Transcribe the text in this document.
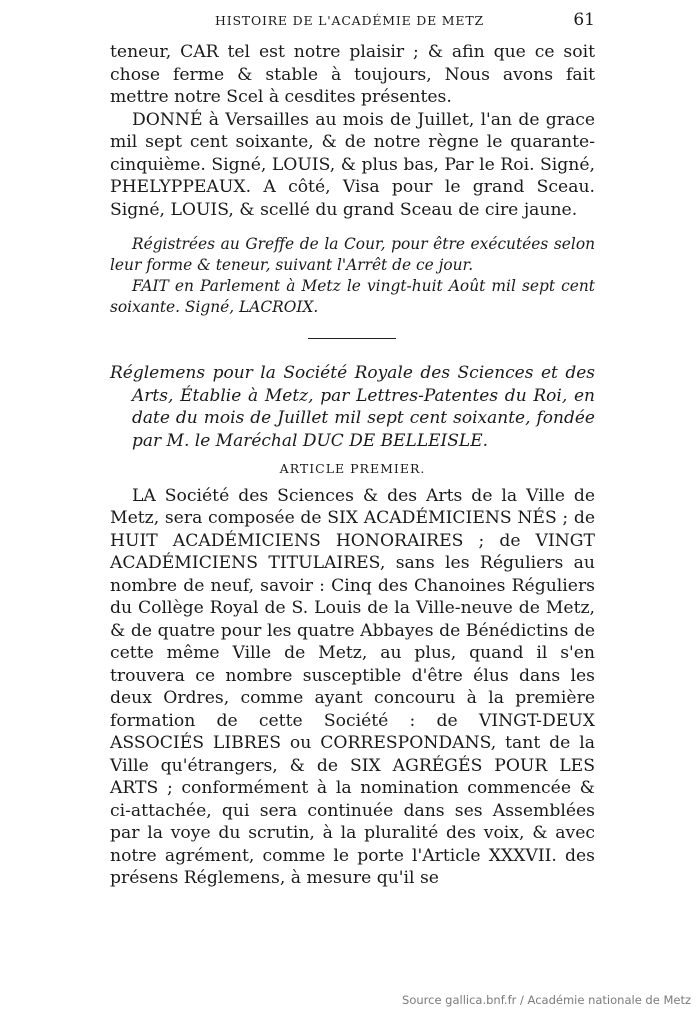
HISTOIRE DE L'ACADÉMIE DE METZ	61

teneur, CAR tel est notre plaisir ; & afin que ce soit chose ferme & stable à toujours, Nous avons fait mettre notre Scel à cesdites présentes.

DONNÉ à Versailles au mois de Juillet, l'an de grace mil sept cent soixante, & de notre règne le quarante-cinquième. Signé, LOUIS, & plus bas, Par le Roi. Signé, PHELYPPEAUX. A côté, Visa pour le grand Sceau. Signé, LOUIS, & scellé du grand Sceau de cire jaune.

Régistrées au Greffe de la Cour, pour être exécutées selon leur forme & teneur, suivant l'Arrêt de ce jour.

FAIT en Parlement à Metz le vingt-huit Août mil sept cent soixante. Signé, LACROIX.

Réglemens pour la Société Royale des Sciences et des Arts, Établie à Metz, par Lettres-Patentes du Roi, en date du mois de Juillet mil sept cent soixante, fondée par M. le Maréchal DUC DE BELLEISLE.

ARTICLE PREMIER.

LA Société des Sciences & des Arts de la Ville de Metz, sera composée de SIX ACADÉMICIENS NÉS ; de HUIT ACADÉMICIENS HONORAIRES ; de VINGT ACADÉMICIENS TITULAIRES, sans les Réguliers au nombre de neuf, savoir : Cinq des Chanoines Réguliers du Collège Royal de S. Louis de la Ville-neuve de Metz, & de quatre pour les quatre Abbayes de Bénédictins de cette même Ville de Metz, au plus, quand il s'en trouvera ce nombre susceptible d'être élus dans les deux Ordres, comme ayant concouru à la première formation de cette Société : de VINGT-DEUX ASSOCIÉS LIBRES ou CORRESPONDANS, tant de la Ville qu'étrangers, & de SIX AGRÉGÉS POUR LES ARTS ; conformément à la nomination commencée & ci-attachée, qui sera continuée dans ses Assemblées par la voye du scrutin, à la pluralité des voix, & avec notre agrément, comme le porte l'Article XXXVII. des présens Réglemens, à mesure qu'il se

Source gallica.bnf.fr / Académie nationale de Metz
